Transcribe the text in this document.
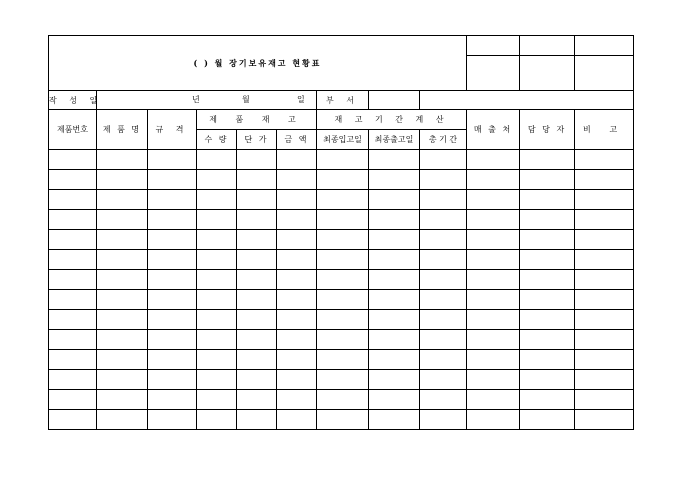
( ) 월 장기보유재고 현황표												

작 성 일	년 월 일					부 서						
제품번호	제 품 명	규 격	제 품 재 고			재 고 기 간 계 산			매 출 처	담 당 자	비 고	
			수 량	단 가	금 액	최종입고일	최종출고일	총 기 간				
